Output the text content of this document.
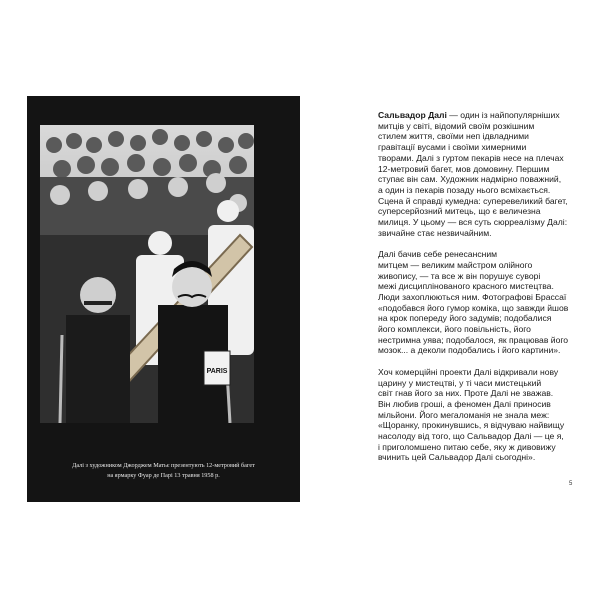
PARIS
Далі з художником Джорджем Матьє презентують 12-метровий багет
на ярмарку Фуар де Парі 13 травня 1958 р.

Сальвадор Далі — один із найпопулярніших
митців у світі, відомий своїм розкішним
стилем життя, своїми неп ідвладними
гравітації вусами і своїми химерними
творами. Далі з гуртом пекарів несе на плечах
12-метровий багет, мов домовину. Першим
ступає він сам. Художник надмірно поважний,
а один із пекарів позаду нього всміхається.
Сцена й справді кумедна: суперевеликий багет,
суперсерйозний митець, що є величезна
милиця. У цьому — вся суть сюрреалізму Далі:
звичайне стає незвичайним.

Далі бачив себе ренесансним
митцем — великим майстром олійного
живопису, — та все ж він порушує суворі
межі дисциплінованого красного мистецтва.
Люди захоплюються ним. Фотографові Брассаї
«подобався його гумор коміка, що завжди йшов
на крок попереду його задумів; подобалися
його комплекси, його повільність, його
нестримна уява; подобалося, як працював його
мозок... а деколи подобались і його картини».

Хоч комерційні проекти Далі відкривали нову
царину у мистецтві, у ті часи мистецький
світ гнав його за них. Проте Далі не зважав.
Він любив гроші, а феномен Далі приносив
мільйони. Його мегаломанія не знала меж:
«Щоранку, прокинувшись, я відчуваю найвищу
насолоду від того, що Сальвадор Далі — це я,
і приголомшено питаю себе, яку ж дивовижу
вчинить цей Сальвадор Далі сьогодні».

5
